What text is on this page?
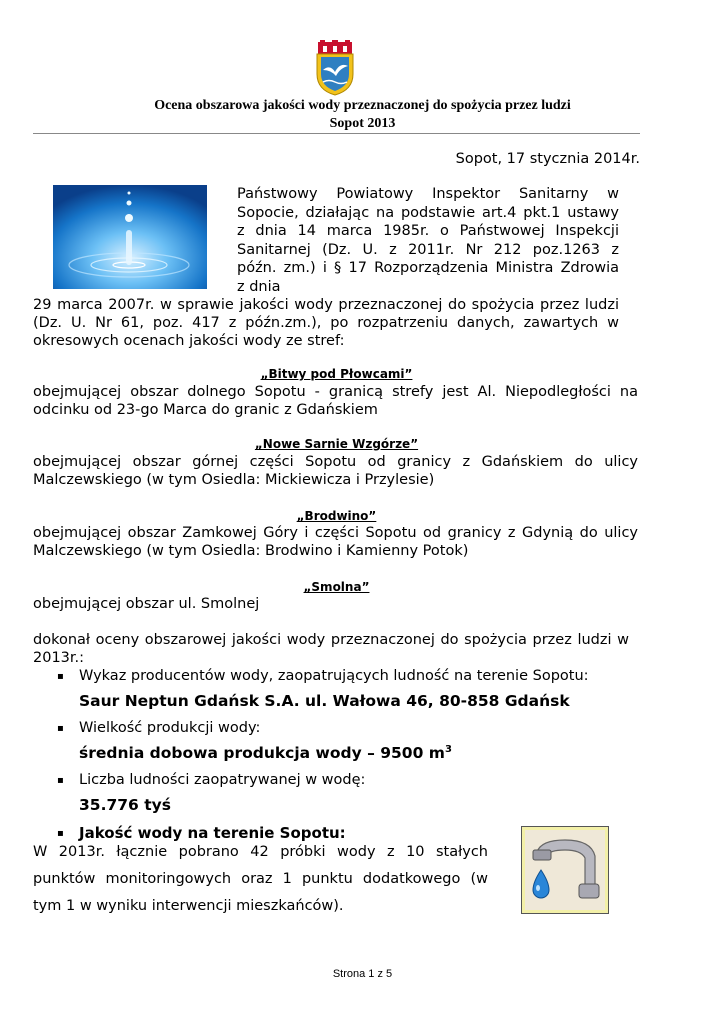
Ocena obszarowa jakości wody przeznaczonej do spożycia przez ludzi
Sopot 2013
Sopot, 17 stycznia 2014r.
Państwowy Powiatowy Inspektor Sanitarny w
Sopocie, działając na podstawie art.4 pkt.1 ustawy
z dnia 14 marca 1985r. o Państwowej Inspekcji
Sanitarnej (Dz. U. z 2011r. Nr 212 poz.1263 z
późn. zm.) i § 17 Rozporządzenia Ministra Zdrowia
z dnia
29 marca 2007r. w sprawie jakości wody przeznaczonej do spożycia przez ludzi
(Dz. U. Nr 61, poz. 417 z późn.zm.), po rozpatrzeniu danych, zawartych w
okresowych ocenach jakości wody ze stref:
„Bitwy pod Płowcami”
obejmującej obszar dolnego Sopotu - granicą strefy jest Al. Niepodległości na
odcinku od 23-go Marca do granic z Gdańskiem
„Nowe Sarnie Wzgórze”
obejmującej obszar górnej części Sopotu od granicy z Gdańskiem do ulicy
Malczewskiego (w tym Osiedla: Mickiewicza i Przylesie)
„Brodwino”
obejmującej obszar Zamkowej Góry i części Sopotu od granicy z Gdynią do ulicy
Malczewskiego (w tym Osiedla: Brodwino i Kamienny Potok)
„Smolna”
obejmującej obszar ul. Smolnej
dokonał oceny obszarowej jakości wody przeznaczonej do spożycia przez ludzi w
2013r.:
▪ Wykaz producentów wody, zaopatrujących ludność na terenie Sopotu:
Saur Neptun Gdańsk S.A. ul. Wałowa 46, 80-858 Gdańsk
▪ Wielkość produkcji wody:
średnia dobowa produkcja wody – 9500 $m^3$
▪ Liczba ludności zaopatrywanej w wodę:
35.776 tyś
▪ Jakość wody na terenie Sopotu:
W 2013r. łącznie pobrano 42 próbki wody z 10 stałych
punktów monitoringowych oraz 1 punktu dodatkowego (w
tym 1 w wyniku interwencji mieszkańców).
Strona 1 z 5
